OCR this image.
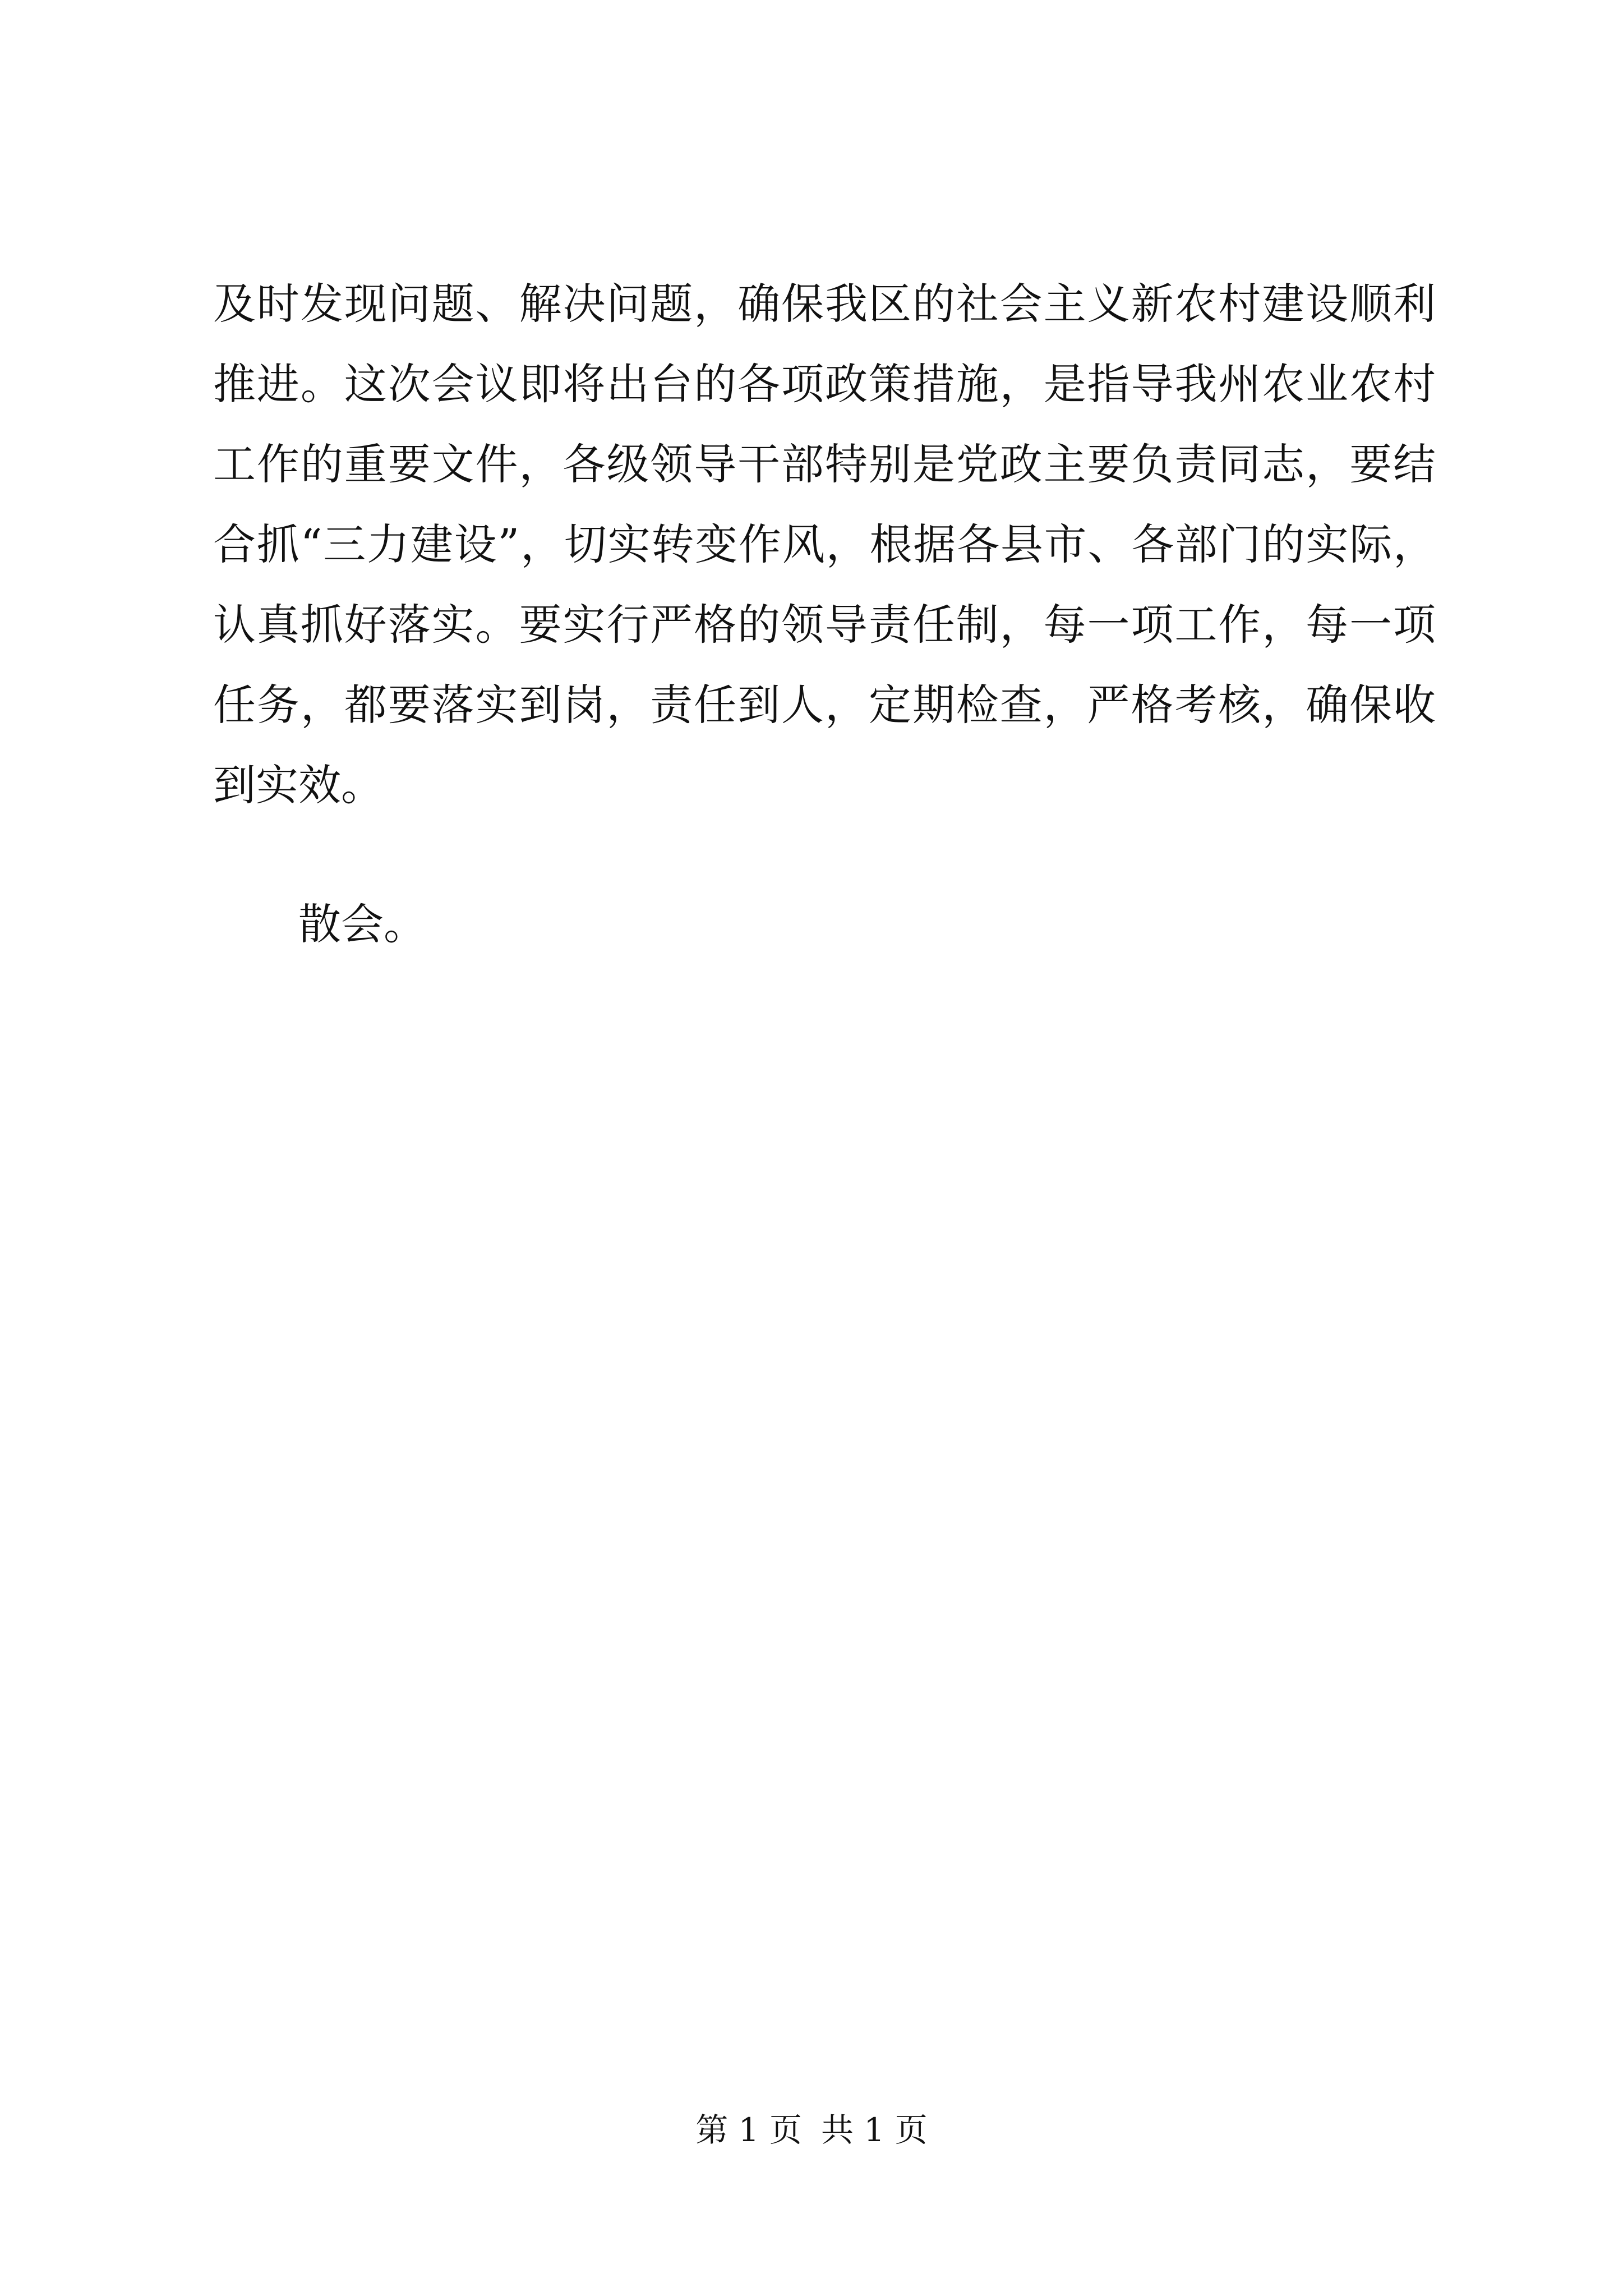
及时发现问题、解决问题，确保我区的社会主义新农村建设顺利
推进。这次会议即将出台的各项政策措施，是指导我州农业农村
工作的重要文件，各级领导干部特别是党政主要负责同志，要结
合抓“三力建设”，切实转变作风，根据各县市、各部门的实际，
认真抓好落实。要实行严格的领导责任制，每一项工作，每一项
任务，都要落实到岗，责任到人，定期检查，严格考核，确保收
到实效。
散会。
第 1 页 共 1 页
